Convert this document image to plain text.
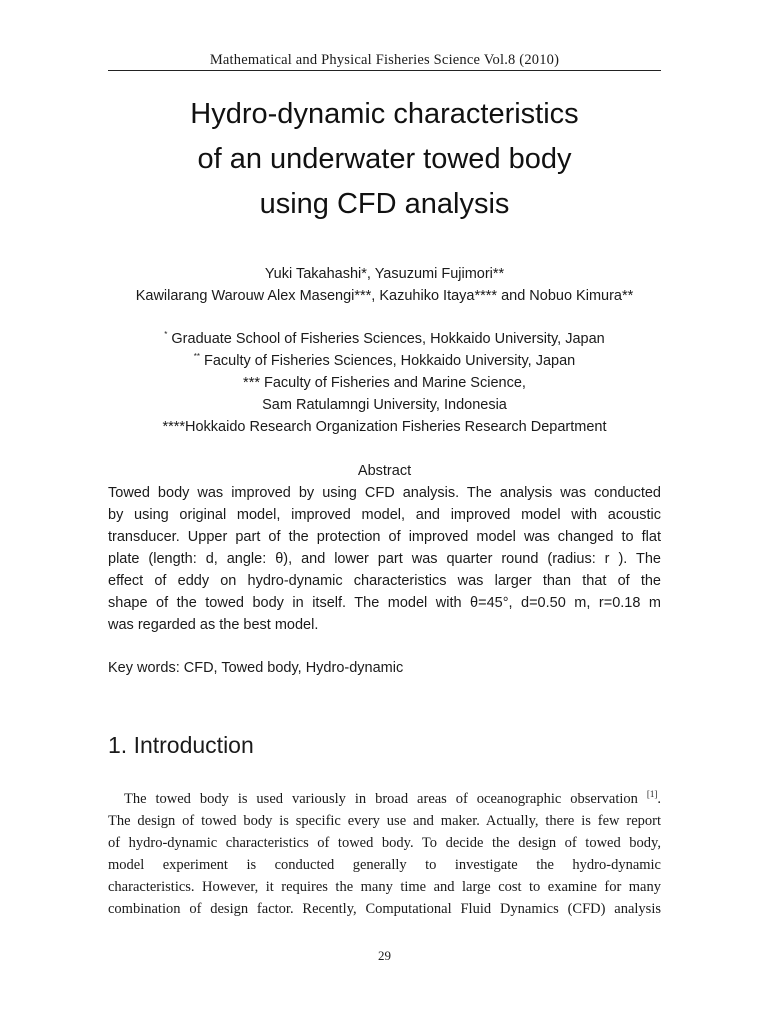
Mathematical and Physical Fisheries Science Vol.8 (2010)
Hydro-dynamic characteristics
of an underwater towed body
using CFD analysis
Yuki Takahashi*, Yasuzumi Fujimori**
Kawilarang Warouw Alex Masengi***, Kazuhiko Itaya**** and Nobuo Kimura**
* Graduate School of Fisheries Sciences, Hokkaido University, Japan
** Faculty of Fisheries Sciences, Hokkaido University, Japan
*** Faculty of Fisheries and Marine Science,
Sam Ratulamngi University, Indonesia
****Hokkaido Research Organization Fisheries Research Department
Abstract
Towed body was improved by using CFD analysis. The analysis was conducted
by using original model, improved model, and improved model with acoustic
transducer. Upper part of the protection of improved model was changed to flat
plate (length: d, angle: θ), and lower part was quarter round (radius: r ). The
effect of eddy on hydro-dynamic characteristics was larger than that of the
shape of the towed body in itself. The model with θ=45°, d=0.50 m, r=0.18 m
was regarded as the best model.
Key words: CFD, Towed body, Hydro-dynamic
1. Introduction
The towed body is used variously in broad areas of oceanographic observation [1].
The design of towed body is specific every use and maker. Actually, there is few report
of hydro-dynamic characteristics of towed body. To decide the design of towed body,
model experiment is conducted generally to investigate the hydro-dynamic
characteristics. However, it requires the many time and large cost to examine for many
combination of design factor. Recently, Computational Fluid Dynamics (CFD) analysis
29
